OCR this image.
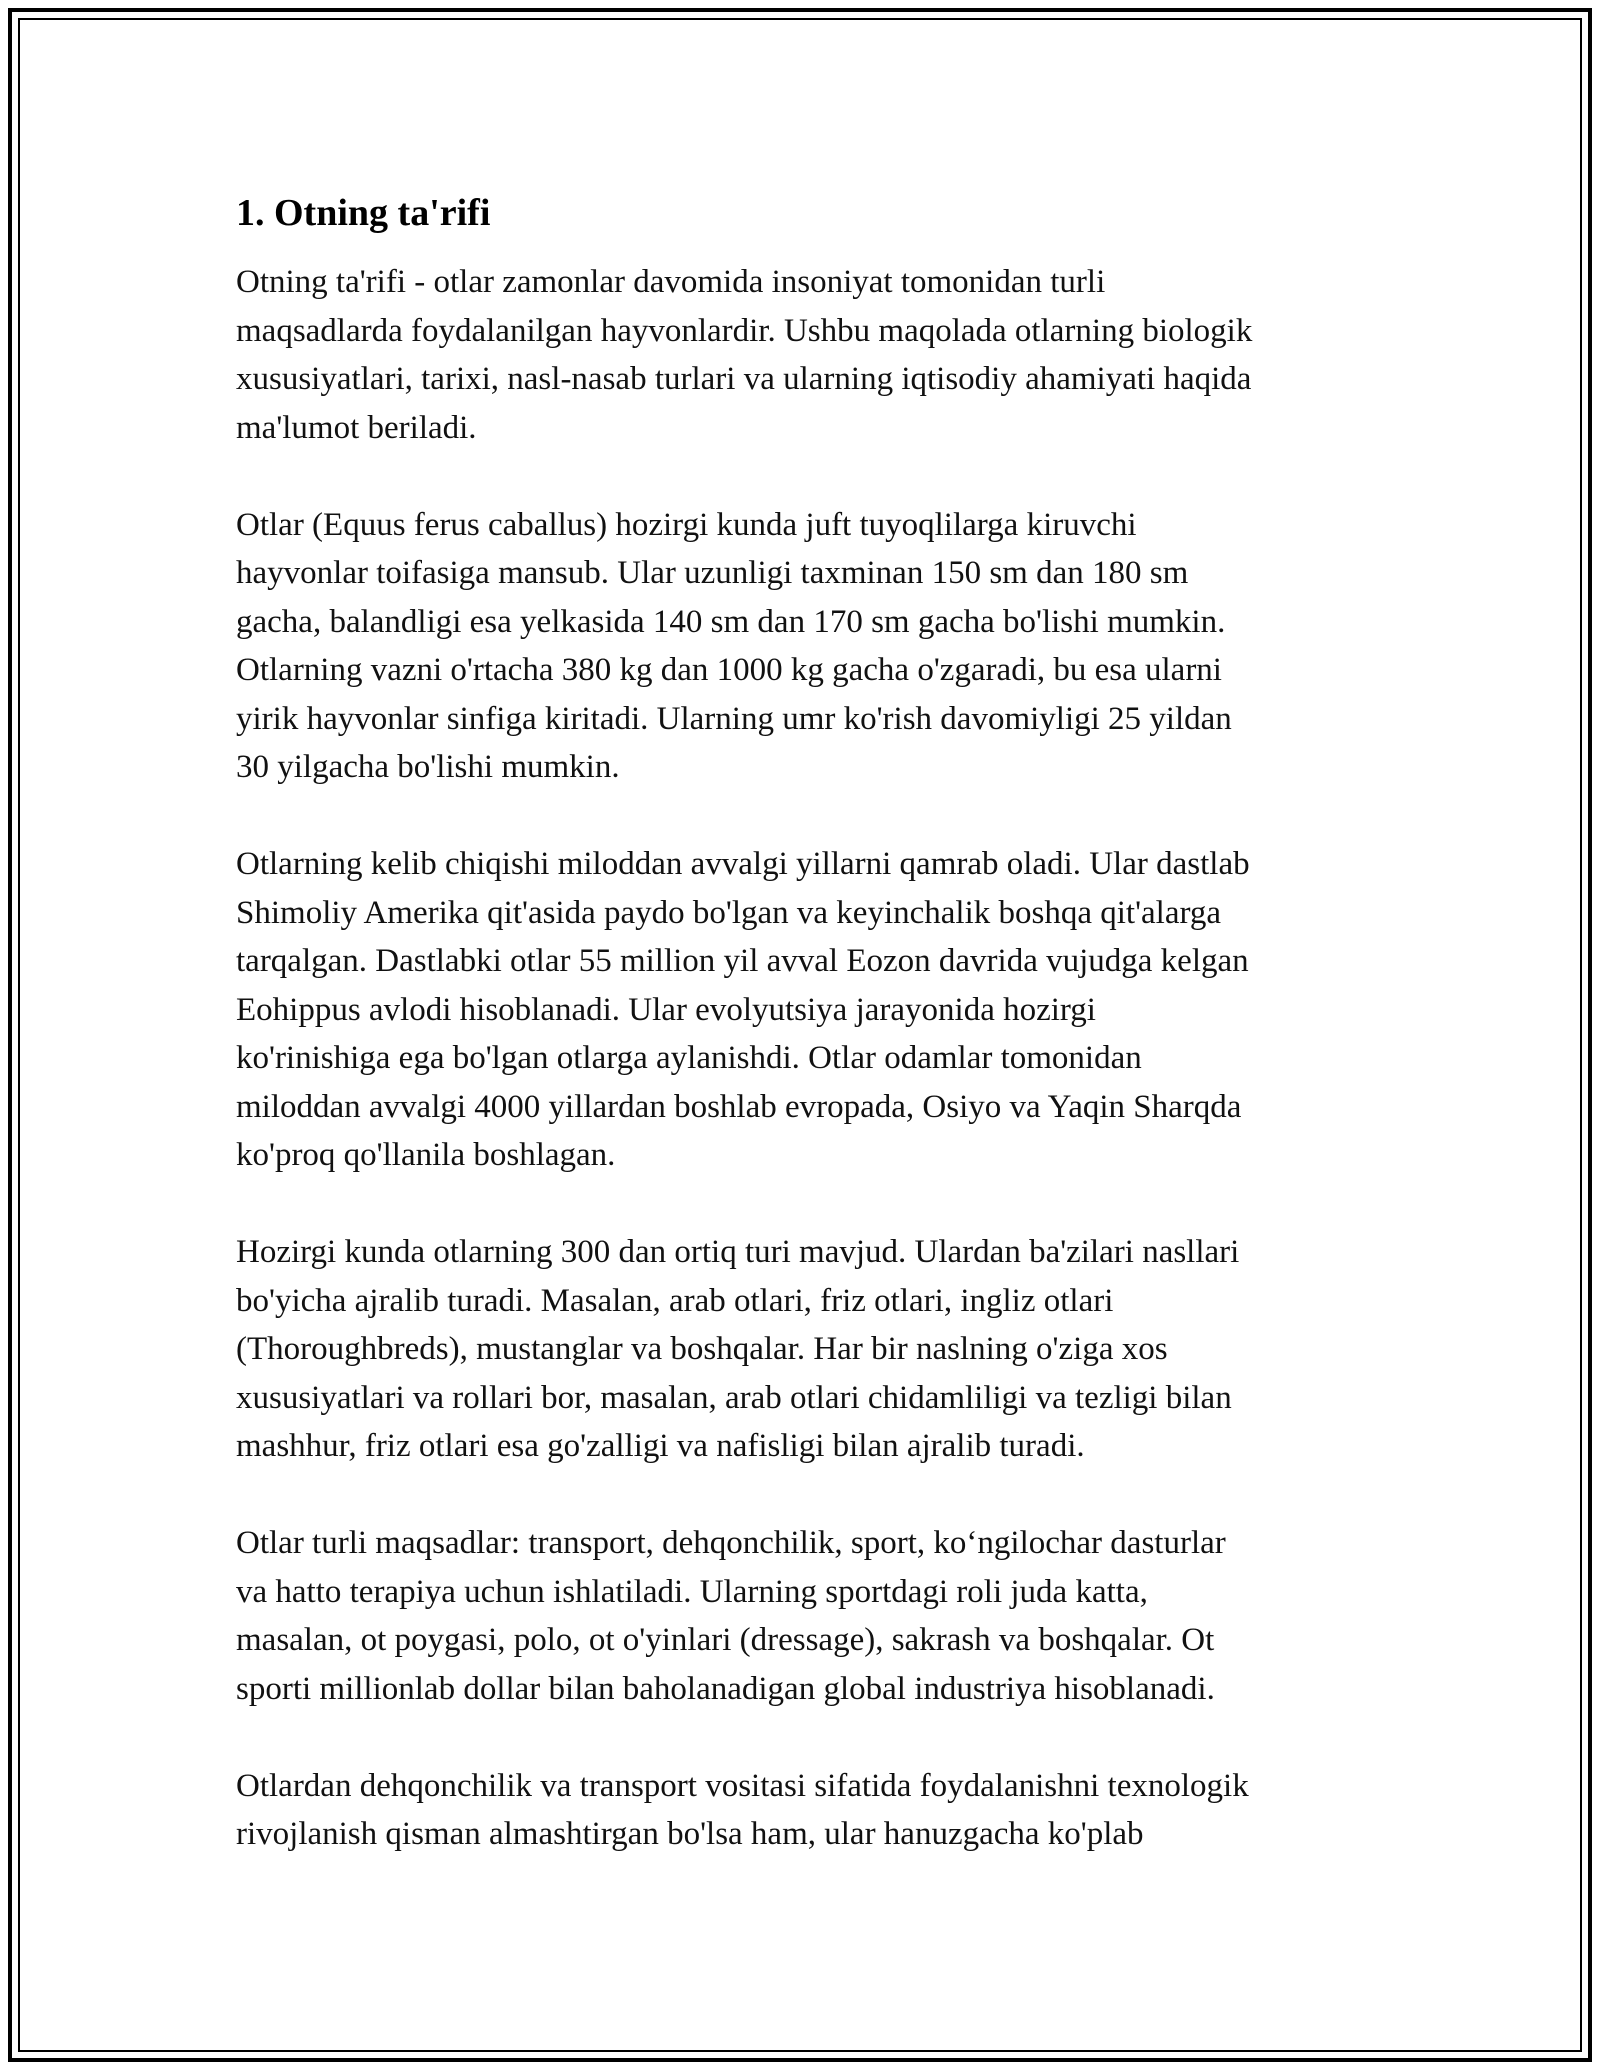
1. Otning ta'rifi

Otning ta'rifi - otlar zamonlar davomida insoniyat tomonidan turli
maqsadlarda foydalanilgan hayvonlardir. Ushbu maqolada otlarning biologik
xususiyatlari, tarixi, nasl-nasab turlari va ularning iqtisodiy ahamiyati haqida
ma'lumot beriladi.

Otlar (Equus ferus caballus) hozirgi kunda juft tuyoqlilarga kiruvchi
hayvonlar toifasiga mansub. Ular uzunligi taxminan 150 sm dan 180 sm
gacha, balandligi esa yelkasida 140 sm dan 170 sm gacha bo'lishi mumkin.
Otlarning vazni o'rtacha 380 kg dan 1000 kg gacha o'zgaradi, bu esa ularni
yirik hayvonlar sinfiga kiritadi. Ularning umr ko'rish davomiyligi 25 yildan
30 yilgacha bo'lishi mumkin.

Otlarning kelib chiqishi miloddan avvalgi yillarni qamrab oladi. Ular dastlab
Shimoliy Amerika qit'asida paydo bo'lgan va keyinchalik boshqa qit'alarga
tarqalgan. Dastlabki otlar 55 million yil avval Eozon davrida vujudga kelgan
Eohippus avlodi hisoblanadi. Ular evolyutsiya jarayonida hozirgi
ko'rinishiga ega bo'lgan otlarga aylanishdi. Otlar odamlar tomonidan
miloddan avvalgi 4000 yillardan boshlab evropada, Osiyo va Yaqin Sharqda
ko'proq qo'llanila boshlagan.

Hozirgi kunda otlarning 300 dan ortiq turi mavjud. Ulardan ba'zilari nasllari
bo'yicha ajralib turadi. Masalan, arab otlari, friz otlari, ingliz otlari
(Thoroughbreds), mustanglar va boshqalar. Har bir naslning o'ziga xos
xususiyatlari va rollari bor, masalan, arab otlari chidamliligi va tezligi bilan
mashhur, friz otlari esa go'zalligi va nafisligi bilan ajralib turadi.

Otlar turli maqsadlar: transport, dehqonchilik, sport, koʻngilochar dasturlar
va hatto terapiya uchun ishlatiladi. Ularning sportdagi roli juda katta,
masalan, ot poygasi, polo, ot o'yinlari (dressage), sakrash va boshqalar. Ot
sporti millionlab dollar bilan baholanadigan global industriya hisoblanadi.

Otlardan dehqonchilik va transport vositasi sifatida foydalanishni texnologik
rivojlanish qisman almashtirgan bo'lsa ham, ular hanuzgacha ko'plab
